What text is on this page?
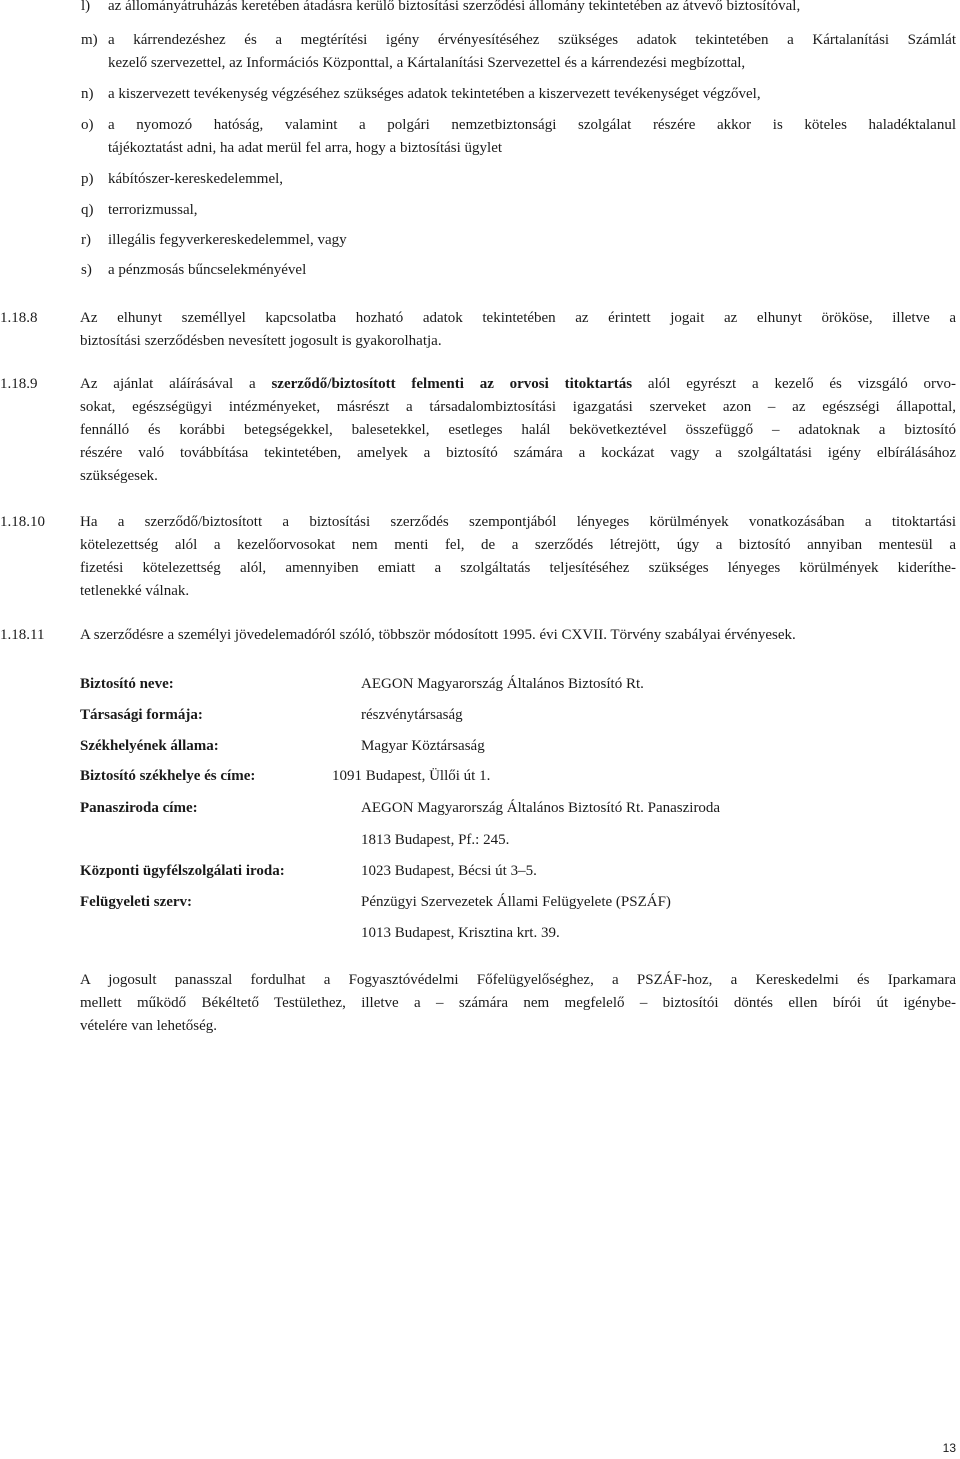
l) az állományátruházás keretében átadásra kerülő biztosítási szerződési állomány tekintetében az átvevő biztosítóval,
m) a kárrendezéshez és a megtérítési igény érvényesítéséhez szükséges adatok tekintetében a Kártalanítási Számlát
kezelő szervezettel, az Információs Központtal, a Kártalanítási Szervezettel és a kárrendezési megbízottal,
n) a kiszervezett tevékenység végzéséhez szükséges adatok tekintetében a kiszervezett tevékenységet végzővel,
o) a nyomozó hatóság, valamint a polgári nemzetbiztonsági szolgálat részére akkor is köteles haladéktalanul
tájékoztatást adni, ha adat merül fel arra, hogy a biztosítási ügylet
p) kábítószer-kereskedelemmel,
q) terrorizmussal,
r) illegális fegyverkereskedelemmel, vagy
s) a pénzmosás bűncselekményével
1.18.8	Az elhunyt személlyel kapcsolatba hozható adatok tekintetében az érintett jogait az elhunyt örököse, illetve a
biztosítási szerződésben nevesített jogosult is gyakorolhatja.
1.18.9	Az ajánlat aláírásával a szerződő/biztosított felmenti az orvosi titoktartás alól egyrészt a kezelő és vizsgáló orvo-
sokat, egészségügyi intézményeket, másrészt a társadalombiztosítási igazgatási szerveket azon – az egészségi állapottal,
fennálló és korábbi betegségekkel, balesetekkel, esetleges halál bekövetkeztével összefüggő – adatoknak a biztosító
részére való továbbítása tekintetében, amelyek a biztosító számára a kockázat vagy a szolgáltatási igény elbírálásához
szükségesek.
1.18.10 Ha a szerződő/biztosított a biztosítási szerződés szempontjából lényeges körülmények vonatkozásában a titoktartási
kötelezettség alól a kezelőorvosokat nem menti fel, de a szerződés létrejött, úgy a biztosító annyiban mentesül a
fizetési kötelezettség alól, amennyiben emiatt a szolgáltatás teljesítéséhez szükséges lényeges körülmények kideríthe-
tetlenekké válnak.
1.18.11 A szerződésre a személyi jövedelemadóról szóló, többször módosított 1995. évi CXVII. Törvény szabályai érvényesek.
Biztosító neve:	AEGON Magyarország Általános Biztosító Rt.
Társasági formája:	részvénytársaság
Székhelyének állama:	Magyar Köztársaság
Biztosító székhelye és címe:	1091 Budapest, Üllői út 1.
Panasziroda címe:	AEGON Magyarország Általános Biztosító Rt. Panasziroda
1813 Budapest, Pf.: 245.
Központi ügyfélszolgálati iroda:	1023 Budapest, Bécsi út 3–5.
Felügyeleti szerv:	Pénzügyi Szervezetek Állami Felügyelete (PSZÁF)
1013 Budapest, Krisztina krt. 39.
A jogosult panasszal fordulhat a Fogyasztóvédelmi Főfelügyelőséghez, a PSZÁF-hoz, a Kereskedelmi és Iparkamara
mellett működő Békéltető Testülethez, illetve a – számára nem megfelelő – biztosítói döntés ellen bírói út igénybe-
vételére van lehetőség.
13
